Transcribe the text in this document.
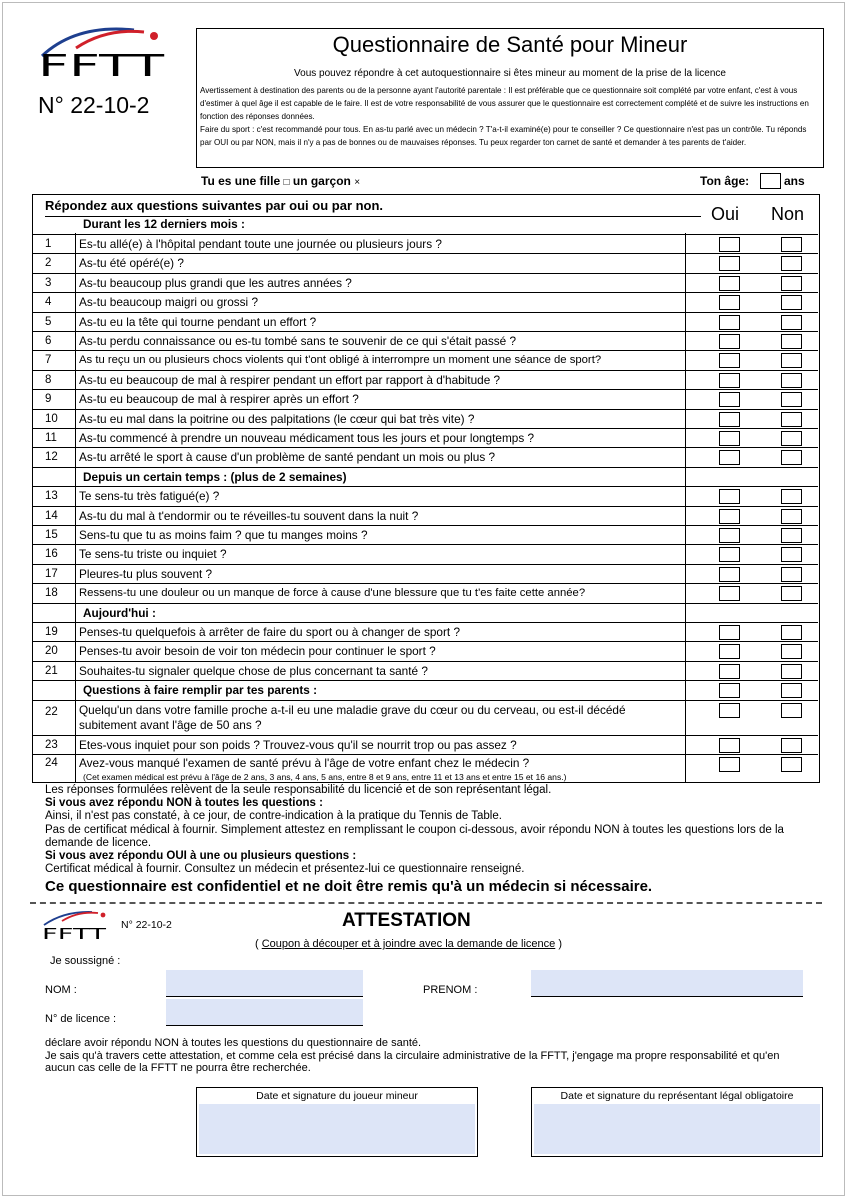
FFTT
N° 22-10-2
Questionnaire de Santé pour Mineur
Vous pouvez répondre à cet autoquestionnaire si êtes mineur au moment de la prise de la licence

Avertissement à destination des parents ou de la personne ayant l'autorité parentale : Il est préférable que ce questionnaire soit complété par votre enfant, c'est à vous d'estimer à quel âge il est capable de le faire. Il est de votre responsabilité de vous assurer que le questionnaire est correctement complété et de suivre les instructions en fonction des réponses données.

Faire du sport : c'est recommandé pour tous. En as-tu parlé avec un médecin ? T'a-t-il examiné(e) pour te conseiller ? Ce questionnaire n'est pas un contrôle. Tu réponds par OUI ou par NON, mais il n'y a pas de bonnes ou de mauvaises réponses. Tu peux regarder ton carnet de santé et demander à tes parents de t'aider.

Tu es une fille □ un garçon ×	Ton âge:	ans
Répondez aux questions suivantes par oui ou par non.	Oui Non
Durant les 12 derniers mois :
1 Es-tu allé(e) à l'hôpital pendant toute une journée ou plusieurs jours ?
2 As-tu été opéré(e) ?
3 As-tu beaucoup plus grandi que les autres années ?
4 As-tu beaucoup maigri ou grossi ?
5 As-tu eu la tête qui tourne pendant un effort ?
6 As-tu perdu connaissance ou es-tu tombé sans te souvenir de ce qui s'était passé ?
7 As tu reçu un ou plusieurs chocs violents qui t'ont obligé à interrompre un moment une séance de sport?
8 As-tu eu beaucoup de mal à respirer pendant un effort par rapport à d'habitude ?
9 As-tu eu beaucoup de mal à respirer après un effort ?
10 As-tu eu mal dans la poitrine ou des palpitations (le cœur qui bat très vite) ?
11 As-tu commencé à prendre un nouveau médicament tous les jours et pour longtemps ?
12 As-tu arrêté le sport à cause d'un problème de santé pendant un mois ou plus ?
Depuis un certain temps : (plus de 2 semaines)
13 Te sens-tu très fatigué(e) ?
14 As-tu du mal à t'endormir ou te réveilles-tu souvent dans la nuit ?
15 Sens-tu que tu as moins faim ? que tu manges moins ?
16 Te sens-tu triste ou inquiet ?
17 Pleures-tu plus souvent ?
18 Ressens-tu une douleur ou un manque de force à cause d'une blessure que tu t'es faite cette année?
Aujourd'hui :
19 Penses-tu quelquefois à arrêter de faire du sport ou à changer de sport ?
20 Penses-tu avoir besoin de voir ton médecin pour continuer le sport ?
21 Souhaites-tu signaler quelque chose de plus concernant ta santé ?
Questions à faire remplir par tes parents :
22 Quelqu'un dans votre famille proche a-t-il eu une maladie grave du cœur ou du cerveau, ou est-il décédé subitement avant l'âge de 50 ans ?
23 Etes-vous inquiet pour son poids ? Trouvez-vous qu'il se nourrit trop ou pas assez ?
24 Avez-vous manqué l'examen de santé prévu à l'âge de votre enfant chez le médecin ?
(Cet examen médical est prévu à l'âge de 2 ans, 3 ans, 4 ans, 5 ans, entre 8 et 9 ans, entre 11 et 13 ans et entre 15 et 16 ans.)

Les réponses formulées relèvent de la seule responsabilité du licencié et de son représentant légal.

Si vous avez répondu NON à toutes les questions :

Ainsi, il n'est pas constaté, à ce jour, de contre-indication à la pratique du Tennis de Table.

Pas de certificat médical à fournir. Simplement attestez en remplissant le coupon ci-dessous, avoir répondu NON à toutes les questions lors de la demande de licence.

Si vous avez répondu OUI à une ou plusieurs questions :

Certificat médical à fournir. Consultez un médecin et présentez-lui ce questionnaire renseigné.

Ce questionnaire est confidentiel et ne doit être remis qu'à un médecin si nécessaire.
FFTT N° 22-10-2	ATTESTATION
( Coupon à découper et à joindre avec la demande de licence )
Je soussigné :
NOM :	PRENOM :
N° de licence :

déclare avoir répondu NON à toutes les questions du questionnaire de santé.

Je sais qu'à travers cette attestation, et comme cela est précisé dans la circulaire administrative de la FFTT, j'engage ma propre responsabilité et qu'en aucun cas celle de la FFTT ne pourra être recherchée.

Date et signature du joueur mineur	Date et signature du représentant légal obligatoire
